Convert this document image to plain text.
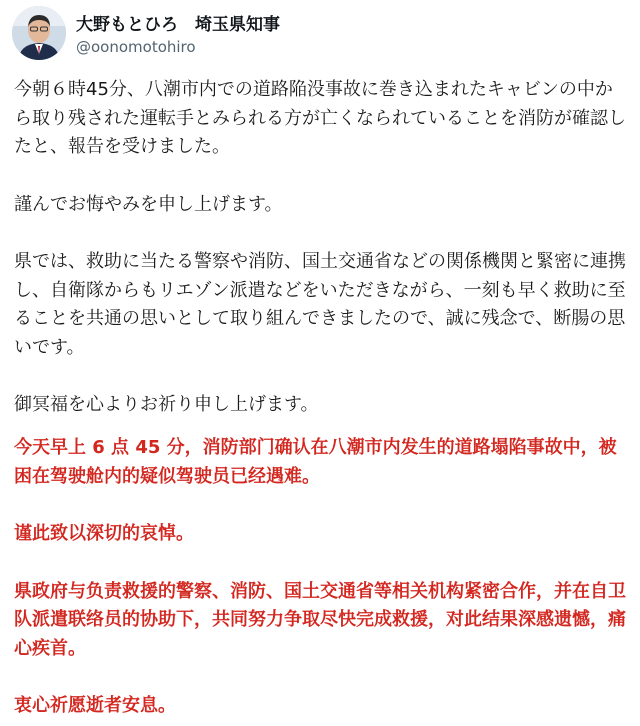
大野もとひろ　埼玉県知事
@oonomotohiro

今朝６時45分、八潮市内での道路陥没事故に巻き込まれたキャビンの中から取り残された運転手とみられる方が亡くなられていることを消防が確認したと、報告を受けました。

謹んでお悔やみを申し上げます。

県では、救助に当たる警察や消防、国土交通省などの関係機関と緊密に連携し、自衛隊からもリエゾン派遣などをいただきながら、一刻も早く救助に至ることを共通の思いとして取り組んできましたので、誠に残念で、断腸の思いです。

御冥福を心よりお祈り申し上げます。

今天早上 6 点 45 分，消防部门确认在八潮市内发生的道路塌陷事故中，被困在驾驶舱内的疑似驾驶员已经遇难。

谨此致以深切的哀悼。

県政府与负责救援的警察、消防、国土交通省等相关机构紧密合作，并在自卫队派遣联络员的协助下，共同努力争取尽快完成救援，对此结果深感遗憾，痛心疾首。

衷心祈愿逝者安息。
